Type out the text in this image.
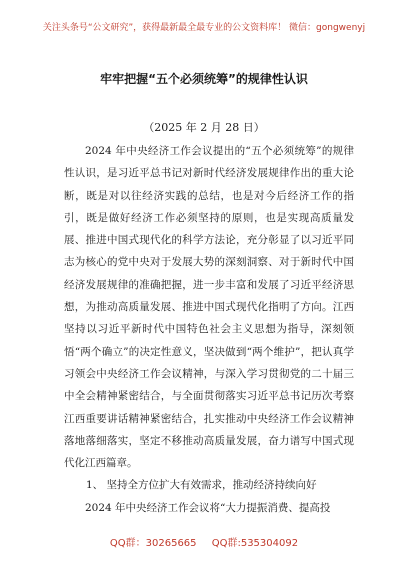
关注头条号“公文研究”，获得最新最全最专业的公文资料库！ 微信：gongwenyj
牢牢把握“五个必须统筹”的规律性认识
（2025 年 2 月 28 日）

2024 年中央经济工作会议提出的“五个必须统筹”的规律性认识，是习近平总书记对新时代经济发展规律作出的重大论断，既是对以往经济实践的总结，也是对今后经济工作的指引，既是做好经济工作必须坚持的原则，也是实现高质量发展、推进中国式现代化的科学方法论，充分彰显了以习近平同志为核心的党中央对于发展大势的深刻洞察、对于新时代中国经济发展规律的准确把握，进一步丰富和发展了习近平经济思想，为推动高质量发展、推进中国式现代化指明了方向。江西坚持以习近平新时代中国特色社会主义思想为指导，深刻领悟“两个确立”的决定性意义，坚决做到“两个维护”，把认真学习领会中央经济工作会议精神，与深入学习贯彻党的二十届三中全会精神紧密结合，与全面贯彻落实习近平总书记历次考察江西重要讲话精神紧密结合，扎实推动中央经济工作会议精神落地落细落实，坚定不移推动高质量发展，奋力谱写中国式现代化江西篇章。

1、 坚持全方位扩大有效需求，推动经济持续向好

2024 年中央经济工作会议将“大力提振消费、提高投

QQ群：30265665 QQ群:535304092
